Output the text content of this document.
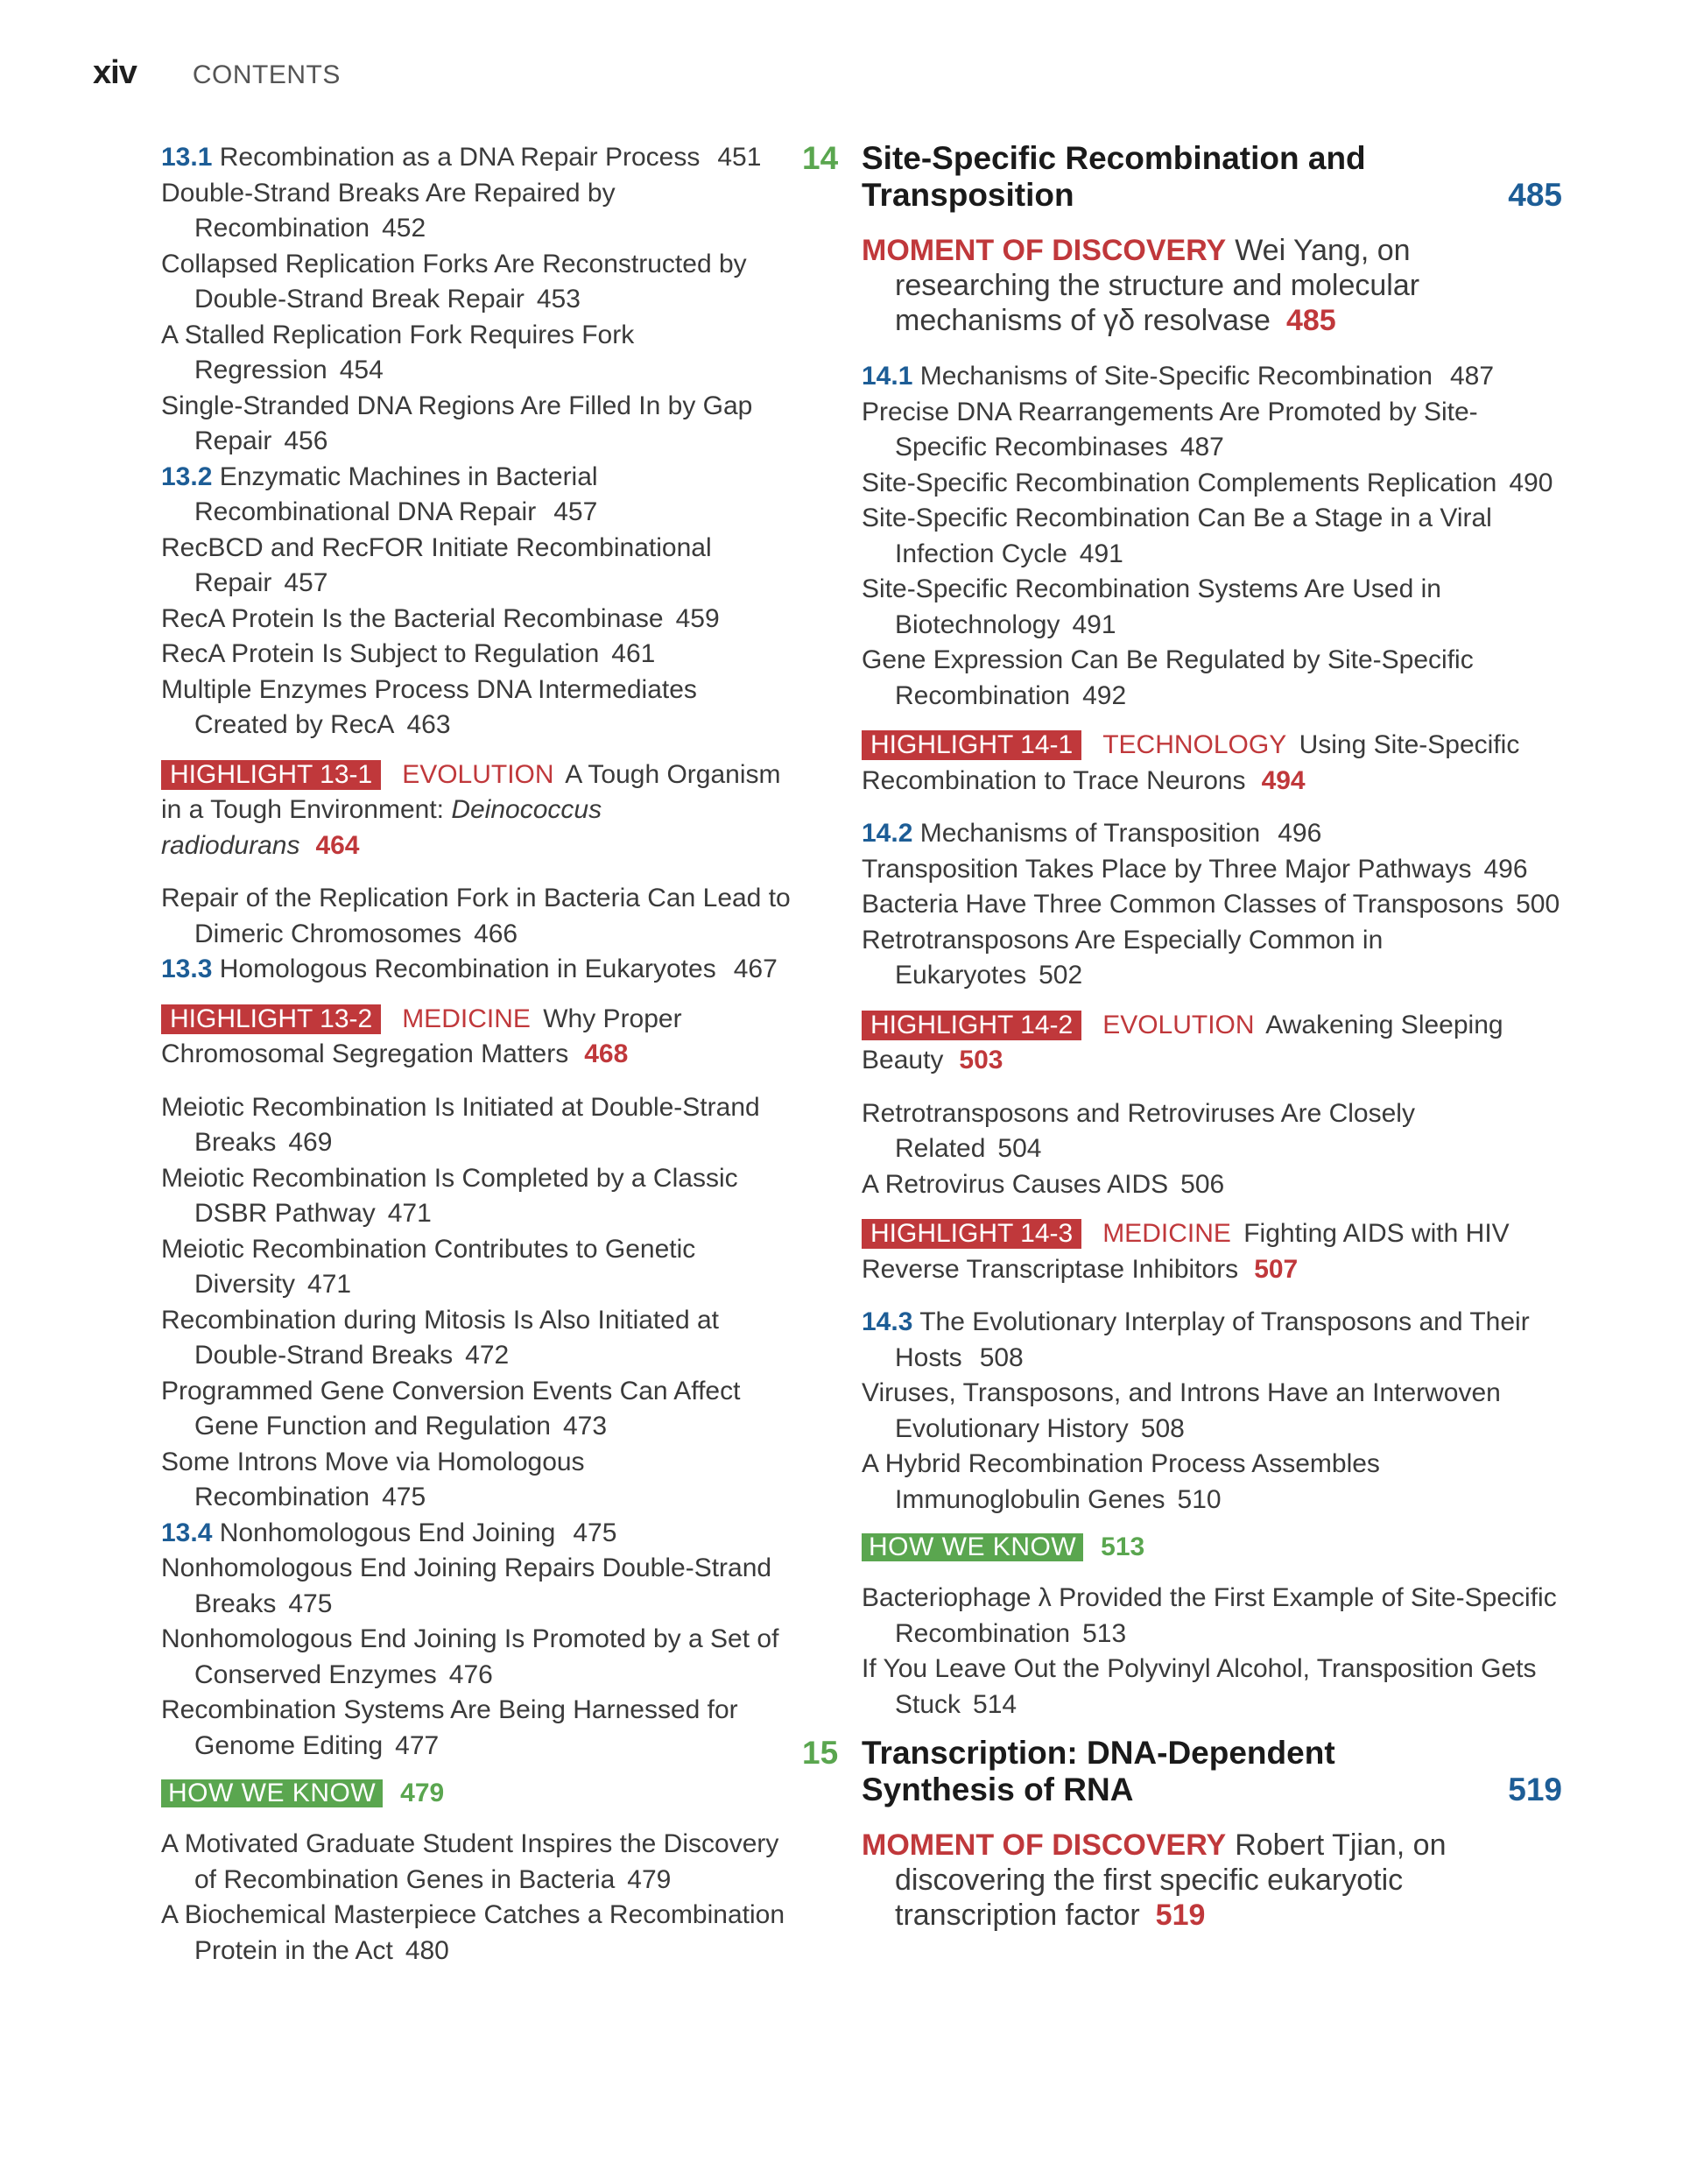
xiv CONTENTS
13.1 Recombination as a DNA Repair Process 451
Double-Strand Breaks Are Repaired by Recombination 452
Collapsed Replication Forks Are Reconstructed by Double-Strand Break Repair 453
A Stalled Replication Fork Requires Fork Regression 454
Single-Stranded DNA Regions Are Filled In by Gap Repair 456
13.2 Enzymatic Machines in Bacterial Recombinational DNA Repair 457
RecBCD and RecFOR Initiate Recombinational Repair 457
RecA Protein Is the Bacterial Recombinase 459
RecA Protein Is Subject to Regulation 461
Multiple Enzymes Process DNA Intermediates Created by RecA 463
HIGHLIGHT 13-1 EVOLUTION A Tough Organism in a Tough Environment: Deinococcus radiodurans 464
Repair of the Replication Fork in Bacteria Can Lead to Dimeric Chromosomes 466
13.3 Homologous Recombination in Eukaryotes 467
HIGHLIGHT 13-2 MEDICINE Why Proper Chromosomal Segregation Matters 468
Meiotic Recombination Is Initiated at Double-Strand Breaks 469
Meiotic Recombination Is Completed by a Classic DSBR Pathway 471
Meiotic Recombination Contributes to Genetic Diversity 471
Recombination during Mitosis Is Also Initiated at Double-Strand Breaks 472
Programmed Gene Conversion Events Can Affect Gene Function and Regulation 473
Some Introns Move via Homologous Recombination 475
13.4 Nonhomologous End Joining 475
Nonhomologous End Joining Repairs Double-Strand Breaks 475
Nonhomologous End Joining Is Promoted by a Set of Conserved Enzymes 476
Recombination Systems Are Being Harnessed for Genome Editing 477
HOW WE KNOW 479
A Motivated Graduate Student Inspires the Discovery of Recombination Genes in Bacteria 479
A Biochemical Masterpiece Catches a Recombination Protein in the Act 480
14 Site-Specific Recombination and Transposition	485
MOMENT OF DISCOVERY Wei Yang, on researching the structure and molecular mechanisms of γδ resolvase 485
14.1 Mechanisms of Site-Specific Recombination 487
Precise DNA Rearrangements Are Promoted by Site-Specific Recombinases 487
Site-Specific Recombination Complements Replication 490
Site-Specific Recombination Can Be a Stage in a Viral Infection Cycle 491
Site-Specific Recombination Systems Are Used in Biotechnology 491
Gene Expression Can Be Regulated by Site-Specific Recombination 492
HIGHLIGHT 14-1 TECHNOLOGY Using Site-Specific Recombination to Trace Neurons 494
14.2 Mechanisms of Transposition 496
Transposition Takes Place by Three Major Pathways 496
Bacteria Have Three Common Classes of Transposons 500
Retrotransposons Are Especially Common in Eukaryotes 502
HIGHLIGHT 14-2 EVOLUTION Awakening Sleeping Beauty 503
Retrotransposons and Retroviruses Are Closely Related 504
A Retrovirus Causes AIDS 506
HIGHLIGHT 14-3 MEDICINE Fighting AIDS with HIV Reverse Transcriptase Inhibitors 507
14.3 The Evolutionary Interplay of Transposons and Their Hosts 508
Viruses, Transposons, and Introns Have an Interwoven Evolutionary History 508
A Hybrid Recombination Process Assembles Immunoglobulin Genes 510
HOW WE KNOW 513
Bacteriophage λ Provided the First Example of Site-Specific Recombination 513
If You Leave Out the Polyvinyl Alcohol, Transposition Gets Stuck 514
15 Transcription: DNA-Dependent Synthesis of RNA	519
MOMENT OF DISCOVERY Robert Tjian, on discovering the first specific eukaryotic transcription factor 519
